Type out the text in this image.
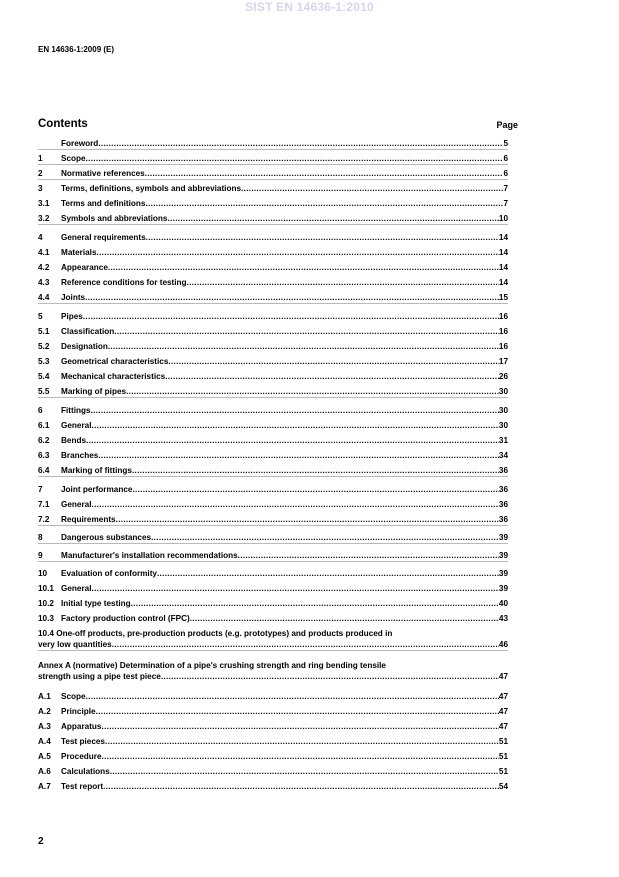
SIST EN 14636-1:2010
EN 14636-1:2009 (E)
Contents	Page
Foreword .....	5
1	Scope .....	6
2	Normative references .....	6
3	Terms, definitions, symbols and abbreviations .....	7
3.1	Terms and definitions .....	7
3.2	Symbols and abbreviations .....	10
4	General requirements .....	14
4.1	Materials .....	14
4.2	Appearance .....	14
4.3	Reference conditions for testing .....	14
4.4	Joints .....	15
5	Pipes .....	16
5.1	Classification .....	16
5.2	Designation .....	16
5.3	Geometrical characteristics .....	17
5.4	Mechanical characteristics .....	26
5.5	Marking of pipes .....	30
6	Fittings .....	30
6.1	General .....	30
6.2	Bends .....	31
6.3	Branches .....	34
6.4	Marking of fittings .....	36
7	Joint performance .....	36
7.1	General .....	36
7.2	Requirements .....	36
8	Dangerous substances .....	39
9	Manufacturer's installation recommendations .....	39
10	Evaluation of conformity .....	39
10.1 General .....	39
10.2 Initial type testing .....	40
10.3 Factory production control (FPC) .....	43
10.4 One-off products, pre-production products (e.g. prototypes) and products produced in
very low quantities .....	46
Annex A (normative) Determination of a pipe's crushing strength and ring bending tensile
strength using a pipe test piece .....	47
A.1	Scope .....	47
A.2	Principle .....	47
A.3	Apparatus .....	47
A.4	Test pieces .....	51
A.5	Procedure .....	51
A.6	Calculations .....	51
A.7	Test report .....	54
2
